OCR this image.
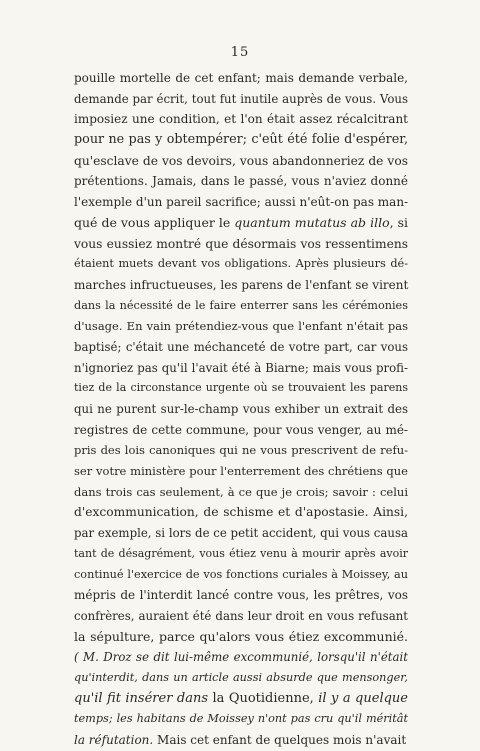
15
pouille mortelle de cet enfant; mais demande verbale,
demande par écrit, tout fut inutile auprès de vous. Vous
imposiez une condition, et l'on était assez récalcitrant
pour ne pas y obtempérer; c'eût été folie d'espérer,
qu'esclave de vos devoirs, vous abandonneriez de vos
prétentions. Jamais, dans le passé, vous n'aviez donné
l'exemple d'un pareil sacrifice; aussi n'eût-on pas man-
qué de vous appliquer le quantum mutatus ab illo, si
vous eussiez montré que désormais vos ressentimens
étaient muets devant vos obligations. Après plusieurs dé-
marches infructueuses, les parens de l'enfant se virent
dans la nécessité de le faire enterrer sans les cérémonies
d'usage. En vain prétendiez-vous que l'enfant n'était pas
baptisé; c'était une méchanceté de votre part, car vous
n'ignoriez pas qu'il l'avait été à Biarne; mais vous profi-
tiez de la circonstance urgente où se trouvaient les parens
qui ne purent sur-le-champ vous exhiber un extrait des
registres de cette commune, pour vous venger, au mé-
pris des lois canoniques qui ne vous prescrivent de refu-
ser votre ministère pour l'enterrement des chrétiens que
dans trois cas seulement, à ce que je crois; savoir : celui
d'excommunication, de schisme et d'apostasie. Ainsi,
par exemple, si lors de ce petit accident, qui vous causa
tant de désagrément, vous étiez venu à mourir après avoir
continué l'exercice de vos fonctions curiales à Moissey, au
mépris de l'interdit lancé contre vous, les prêtres, vos
confrères, auraient été dans leur droit en vous refusant
la sépulture, parce qu'alors vous étiez excommunié.
( M. Droz se dit lui-même excommunié, lorsqu'il n'était
qu'interdit, dans un article aussi absurde que mensonger,
qu'il fit insérer dans la Quotidienne, il y a quelque
temps; les habitans de Moissey n'ont pas cru qu'il méritât
la réfutation. Mais cet enfant de quelques mois n'avait
